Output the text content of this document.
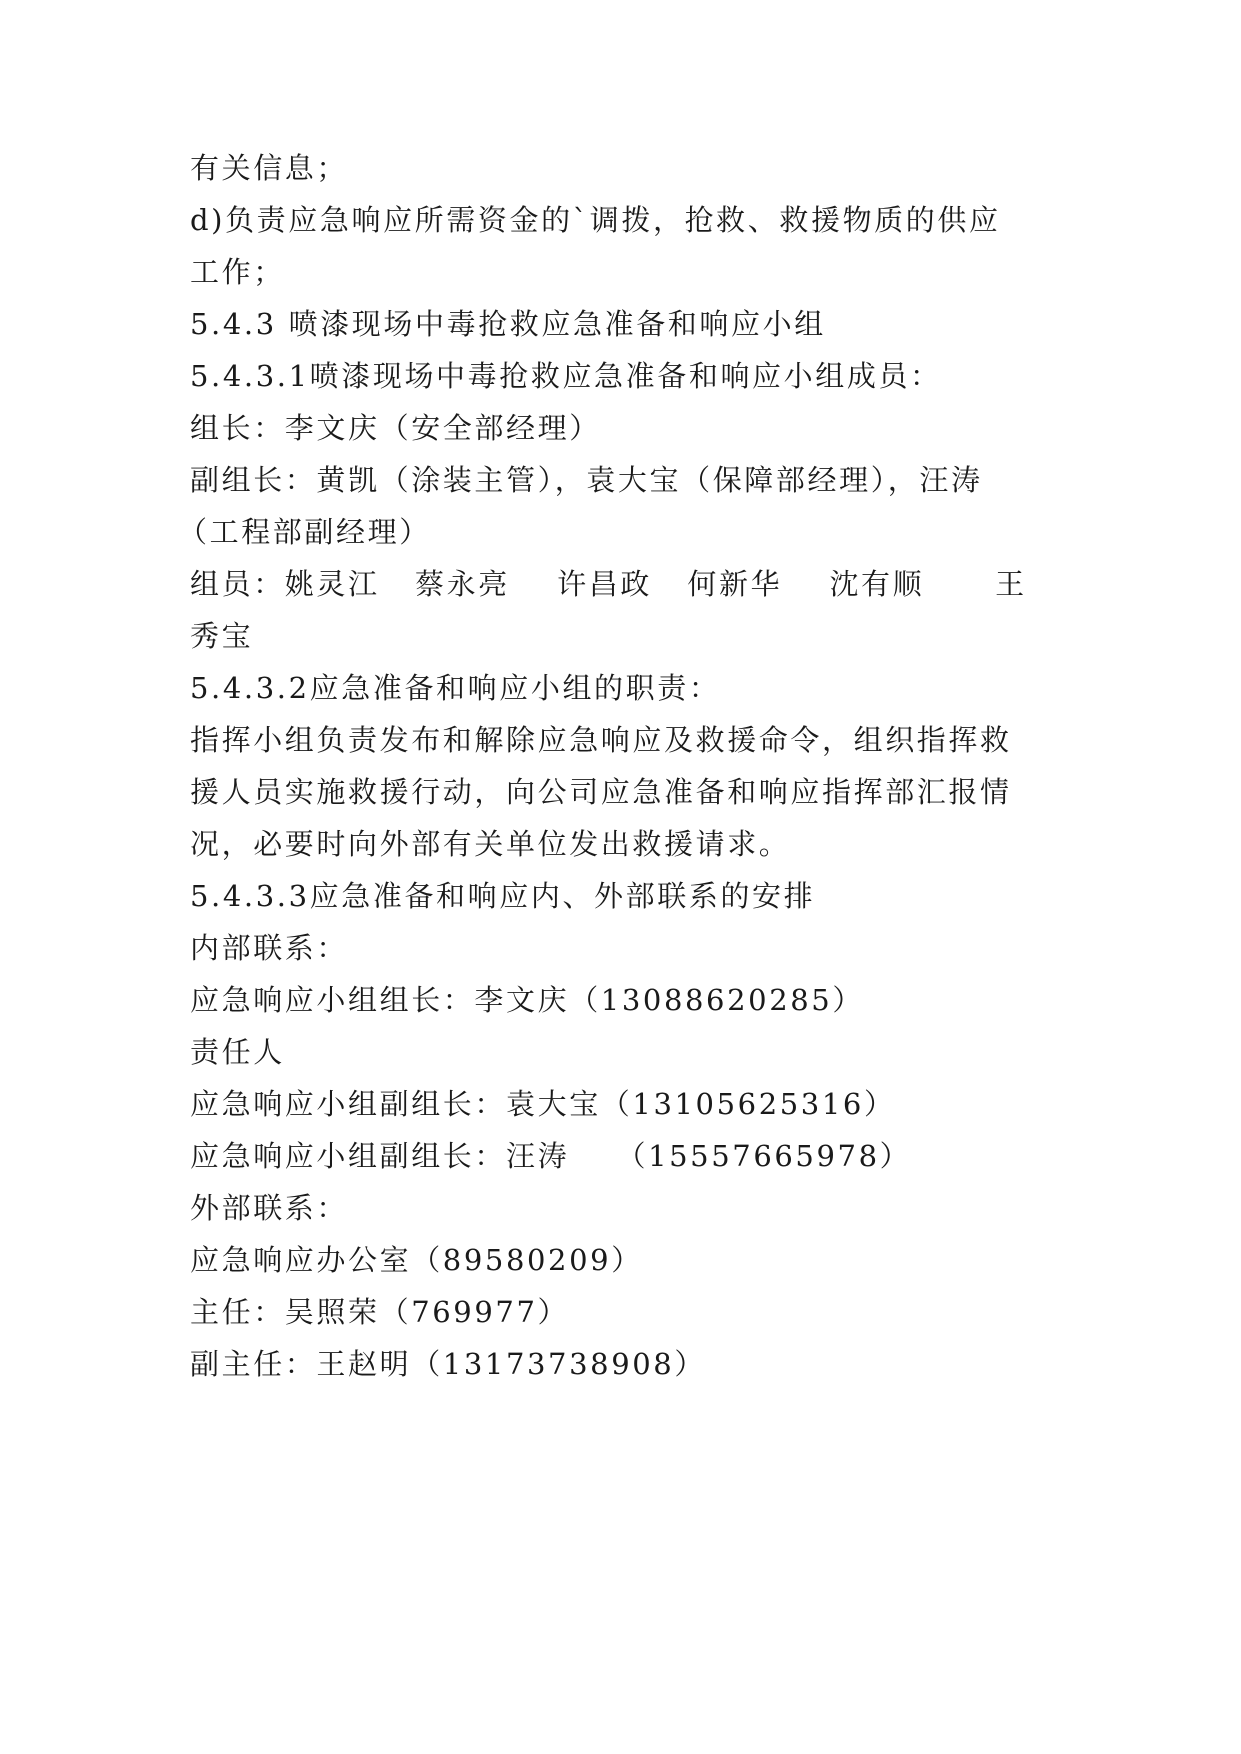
有关信息；
d)负责应急响应所需资金的`调拨，抢救、救援物质的供应
工作；
5.4.3 喷漆现场中毒抢救应急准备和响应小组
5.4.3.1喷漆现场中毒抢救应急准备和响应小组成员：
组长：李文庆（安全部经理）
副组长：黄凯（涂装主管），袁大宝（保障部经理），汪涛
（工程部副经理）
组员：姚灵江   蔡永亮    许昌政   何新华    沈有顺      王
秀宝
5.4.3.2应急准备和响应小组的职责：
指挥小组负责发布和解除应急响应及救援命令，组织指挥救
援人员实施救援行动，向公司应急准备和响应指挥部汇报情
况，必要时向外部有关单位发出救援请求。
5.4.3.3应急准备和响应内、外部联系的安排
内部联系：
应急响应小组组长：李文庆（13088620285）
责任人
应急响应小组副组长：袁大宝（13105625316）
应急响应小组副组长：汪涛    （15557665978）
外部联系：
应急响应办公室（89580209）
主任：吴照荣（769977）
副主任：王赵明（13173738908）
